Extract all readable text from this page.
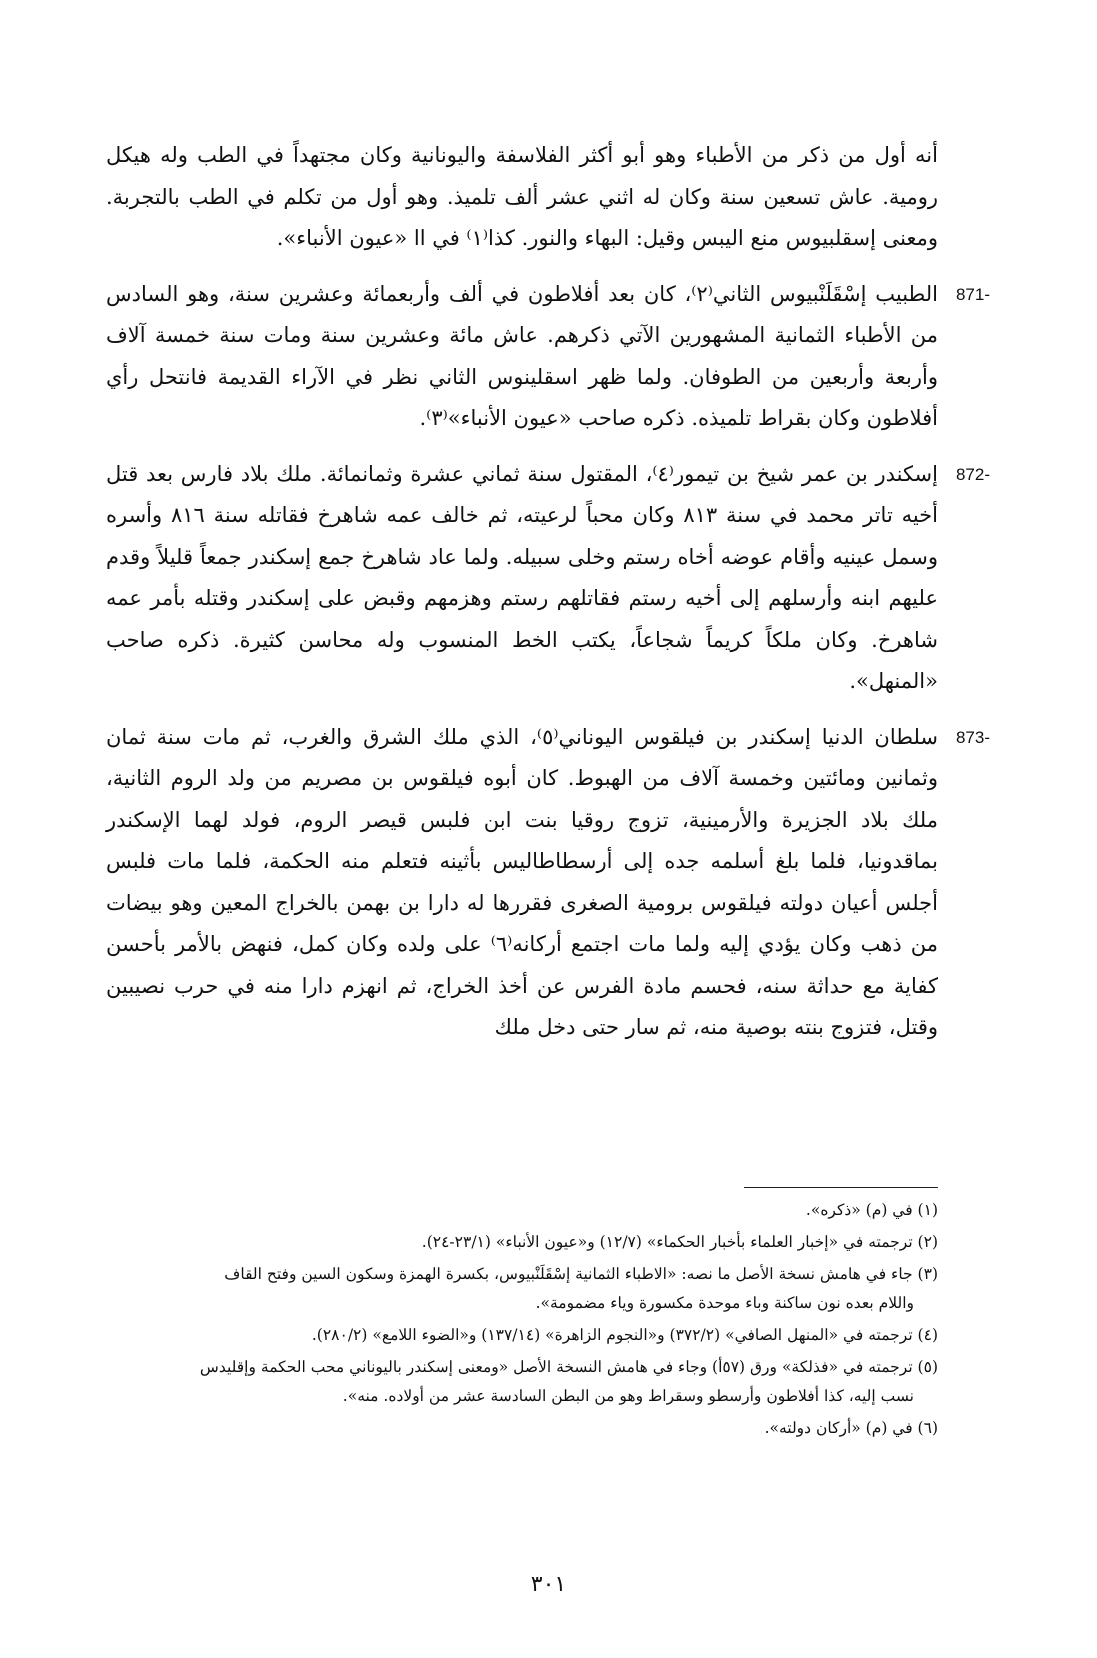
أنه أول من ذكر من الأطباء وهو أبو أكثر الفلاسفة واليونانية وكان مجتهداً في الطب وله هيكل رومية. عاش تسعين سنة وكان له اثني عشر ألف تلميذ. وهو أول من تكلم في الطب بالتجربة. ومعنى إسقلبيوس منع اليبس وقيل: البهاء والنور. كذا⁽١⁾ في اا «عيون الأنباء».

871-

الطبيب إسْقَلَنْبيوس الثاني⁽٢⁾، كان بعد أفلاطون في ألف وأربعمائة وعشرين سنة، وهو السادس من الأطباء الثمانية المشهورين الآتي ذكرهم. عاش مائة وعشرين سنة ومات سنة خمسة آلاف وأربعة وأربعين من الطوفان. ولما ظهر اسقلينوس الثاني نظر في الآراء القديمة فانتحل رأي أفلاطون وكان بقراط تلميذه. ذكره صاحب «عيون الأنباء»⁽٣⁾.

872-

إسكندر بن عمر شيخ بن تيمور⁽٤⁾، المقتول سنة ثماني عشرة وثمانمائة. ملك بلاد فارس بعد قتل أخيه تاتر محمد في سنة ٨١٣ وكان محباً لرعيته، ثم خالف عمه شاهرخ فقاتله سنة ٨١٦ وأسره وسمل عينيه وأقام عوضه أخاه رستم وخلى سبيله. ولما عاد شاهرخ جمع إسكندر جمعاً قليلاً وقدم عليهم ابنه وأرسلهم إلى أخيه رستم فقاتلهم رستم وهزمهم وقبض على إسكندر وقتله بأمر عمه شاهرخ. وكان ملكاً كريماً شجاعاً، يكتب الخط المنسوب وله محاسن كثيرة. ذكره صاحب «المنهل».

873-

سلطان الدنيا إسكندر بن فيلقوس اليوناني⁽٥⁾، الذي ملك الشرق والغرب، ثم مات سنة ثمان وثمانين ومائتين وخمسة آلاف من الهبوط. كان أبوه فيلقوس بن مصريم من ولد الروم الثانية، ملك بلاد الجزيرة والأرمينية، تزوج روقيا بنت ابن فلبس قيصر الروم، فولد لهما الإسكندر بماقدونيا، فلما بلغ أسلمه جده إلى أرسطاطاليس بأثينه فتعلم منه الحكمة، فلما مات فلبس أجلس أعيان دولته فيلقوس برومية الصغرى فقررها له دارا بن بهمن بالخراج المعين وهو بيضات من ذهب وكان يؤدي إليه ولما مات اجتمع أركانه⁽٦⁾ على ولده وكان كمل، فنهض بالأمر بأحسن كفاية مع حداثة سنه، فحسم مادة الفرس عن أخذ الخراج، ثم انهزم دارا منه في حرب نصيبين وقتل، فتزوج بنته بوصية منه، ثم سار حتى دخل ملك

(١) في (م) «ذكره».

(٢) ترجمته في «إخبار العلماء بأخبار الحكماء» (١٢/٧) و«عيون الأنباء» (٢٣/١-٢٤).

(٣) جاء في هامش نسخة الأصل ما نصه: «الاطباء الثمانية إسْقَلَنْبيوس، بكسرة الهمزة وسكون السين وفتح القاف
واللام بعده نون ساكنة وباء موحدة مكسورة وياء مضمومة».

(٤) ترجمته في «المنهل الصافي» (٣٧٢/٢) و«النجوم الزاهرة» (١٣٧/١٤) و«الضوء اللامع» (٢٨٠/٢).

(٥) ترجمته في «فذلكة» ورق (٥٧أ) وجاء في هامش النسخة الأصل «ومعنى إسكندر باليوناني محب الحكمة وإقليدس
نسب إليه، كذا أفلاطون وأرسطو وسقراط وهو من البطن السادسة عشر من أولاده. منه».

(٦) في (م) «أركان دولته».

٣٠١
